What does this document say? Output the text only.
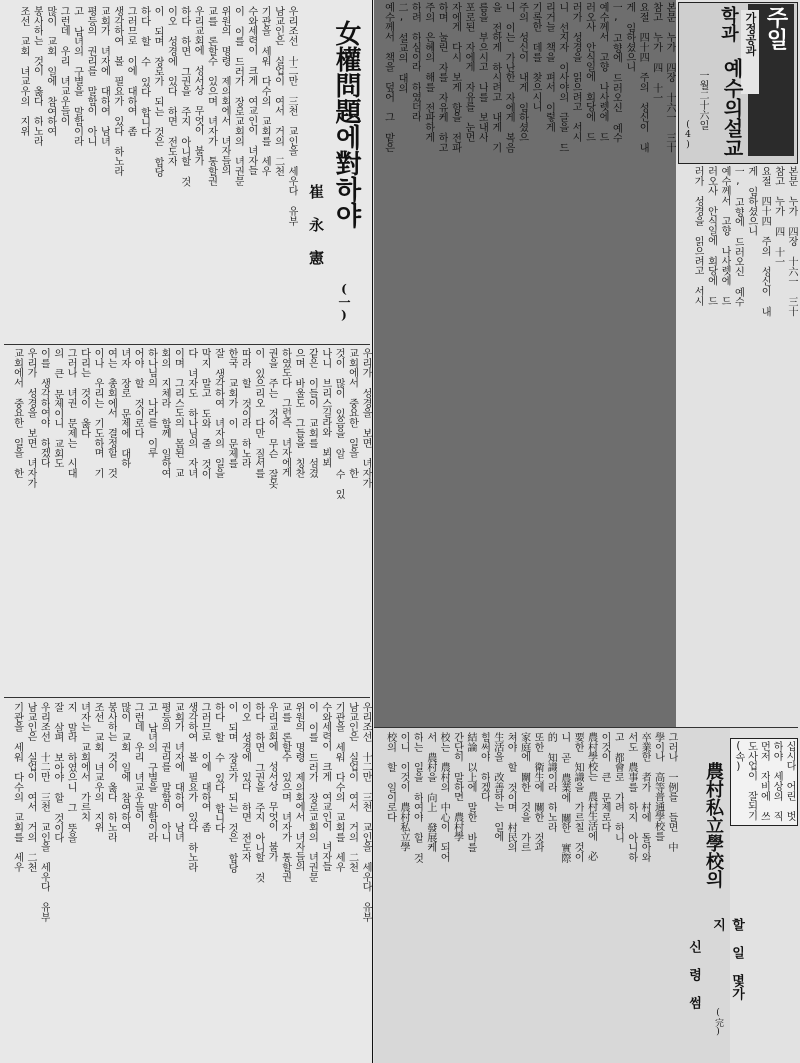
주일
가정공과
학과
예수의설교
一월二十六일
(4)
본문 누가 四장 十六一 三十
참고 누가 四 十一
요절 四十四 주의 성신이 내
게 임하셨으니
一, 고향에 드러오신 예수
예수께서 고향 나사렛에 드
러오사 안식일에 회당에 드
러가 성경을 읽으려고 서시
니 선지자 이사야의 글을 드
리거늘 책을 펴서 이렇게
기록한 데를 찾으시니
주의 성신이 내게 임하셨으
니 이는 가난한 자에게 복음
을 전하게 하시려고 내게 기
름을 부으시고 나를 보내사
포로된 자에게 자유를 눈먼
자에게 다시 보게 함을 전파
하며 눌린 자를 자유케 하고
주의 은혜의 해를 전파하게
하려 하심이라 하였더라
二, 설교의 대의
예수께서 책을 덮어 그 맡은
본문 누가 四장 十六一 三十
참고 누가 四 十一
요절 四十四 주의 성신이 내
게 임하셨으니
一, 고향에 드러오신 예수
예수께서 고향 나사렛에 드
러오사 안식일에 회당에 드
러가 성경을 읽으려고 서시
십시다 어린 벗
하야 세상의 직
먼저 자비에 쓰
도사업이 잘되기
(속)
農村私立學校의
할 일 몇가지
(完)
신 령 썸
그러나 一例를 들면 中
學이나 高等普通學校를
卒業한 者가 村에 돌아와
서도 農事를 하지 아니하
고 都會로 가려 하니
이것이 큰 문제로다
農村學校는 農村生活에 必
要한 知識을 가르칠 것이
니 곧 農業에 關한 實際
的 知識이라 하노라
또한 衛生에 關한 것과
家庭에 關한 것을 가르
쳐야 할 것이며 村民의
生活을 改善하는 일에
힘써야 하겠다
結論 以上에 말한 바를
간단히 말하면 農村學
校는 農村의 中心이 되어
서 農村을 向上 發展케
하는 일을 하여야 할 것
이니 이것이 農村私立學
校의 할 일이로다
女權問題에對하야
(一)
崔 永 憲
우리조선 十二만 三천 교인을 세우다 유부
남교인은 실업이 여서 거의 二천
기관을 세워 다수의 교회를 세우
수와세력이 크게 여교인이 녀자들
이 이를 드러가 장로교회의 녀권문
위원의 명령 제의회에서 녀자들의
교를 론할수 있으며 녀자가 통할권
우리교회에 성서상 무엇이 불가
하다 하면 그권을 주지 아니할 것
이오 성경에 있다 하면 전도자
이 되며 장로가 되는 것은 합당
하다 할 수 있다 합니다
그러므로 이에 대하여 좀
생각하여 볼 필요가 있다 하노라
교회가 녀자에 대하여 남녀
평등의 권리를 말함이 아니
고 남녀의 구별을 말함이라
그런데 우리 녀교우들이
많이 교회 일에 참여하여
봉사하는 것이 옳다 하노라
조선 교회 녀교우의 지위
우리가 성경을 보면 녀자가
교회에서 중요한 일을 한
것이 많이 있음을 알 수 있
나니 브리스길라와 뵈뵈
같은 이들이 교회를 섬겼
으며 바울도 그들을 칭찬
하였도다 그런즉 녀자에게
권을 주는 것이 무슨 잘못
이 있으리오 다만 질서를
따라 할 것이라 하노라
한국 교회가 이 문제를
잘 생각하여 녀자의 일을
막지 말고 도와 줄 것이
다 녀자도 하나님의 자녀
이며 그리스도의 몸된 교
회의 지체라 함께 일하여
하나님의 나라를 이루
어야 할 것이로다
녀자 장로 문제에 대하
여는 총회에서 결정할 것
이나 우리는 기도하며 기
다리는 것이 옳다
그러나 녀권 문제는 시대
의 큰 문제이니 교회도
이를 생각하여야 하겠다
우리가 성경을 보면 녀자가
교회에서 중요한 일을 한
우리조선 十二만 三천 교인을 세우다 유부
남교인은 실업이 여서 거의 二천
기관을 세워 다수의 교회를 세우
수와세력이 크게 여교인이 녀자들
이 이를 드러가 장로교회의 녀권문
위원의 명령 제의회에서 녀자들의
교를 론할수 있으며 녀자가 통할권
우리교회에 성서상 무엇이 불가
하다 하면 그권을 주지 아니할 것
이오 성경에 있다 하면 전도자
이 되며 장로가 되는 것은 합당
하다 할 수 있다 합니다
그러므로 이에 대하여 좀
생각하여 볼 필요가 있다 하노라
교회가 녀자에 대하여 남녀
평등의 권리를 말함이 아니
고 남녀의 구별을 말함이라
그런데 우리 녀교우들이
많이 교회 일에 참여하여
봉사하는 것이 옳다 하노라
조선 교회 녀교우의 지위
녀자는 교회에서 가르치
지 말라 하였으니 그 뜻을
잘 살펴 보아야 할 것이다
우리조선 十二만 三천 교인을 세우다 유부
남교인은 실업이 여서 거의 二천
기관을 세워 다수의 교회를 세우
